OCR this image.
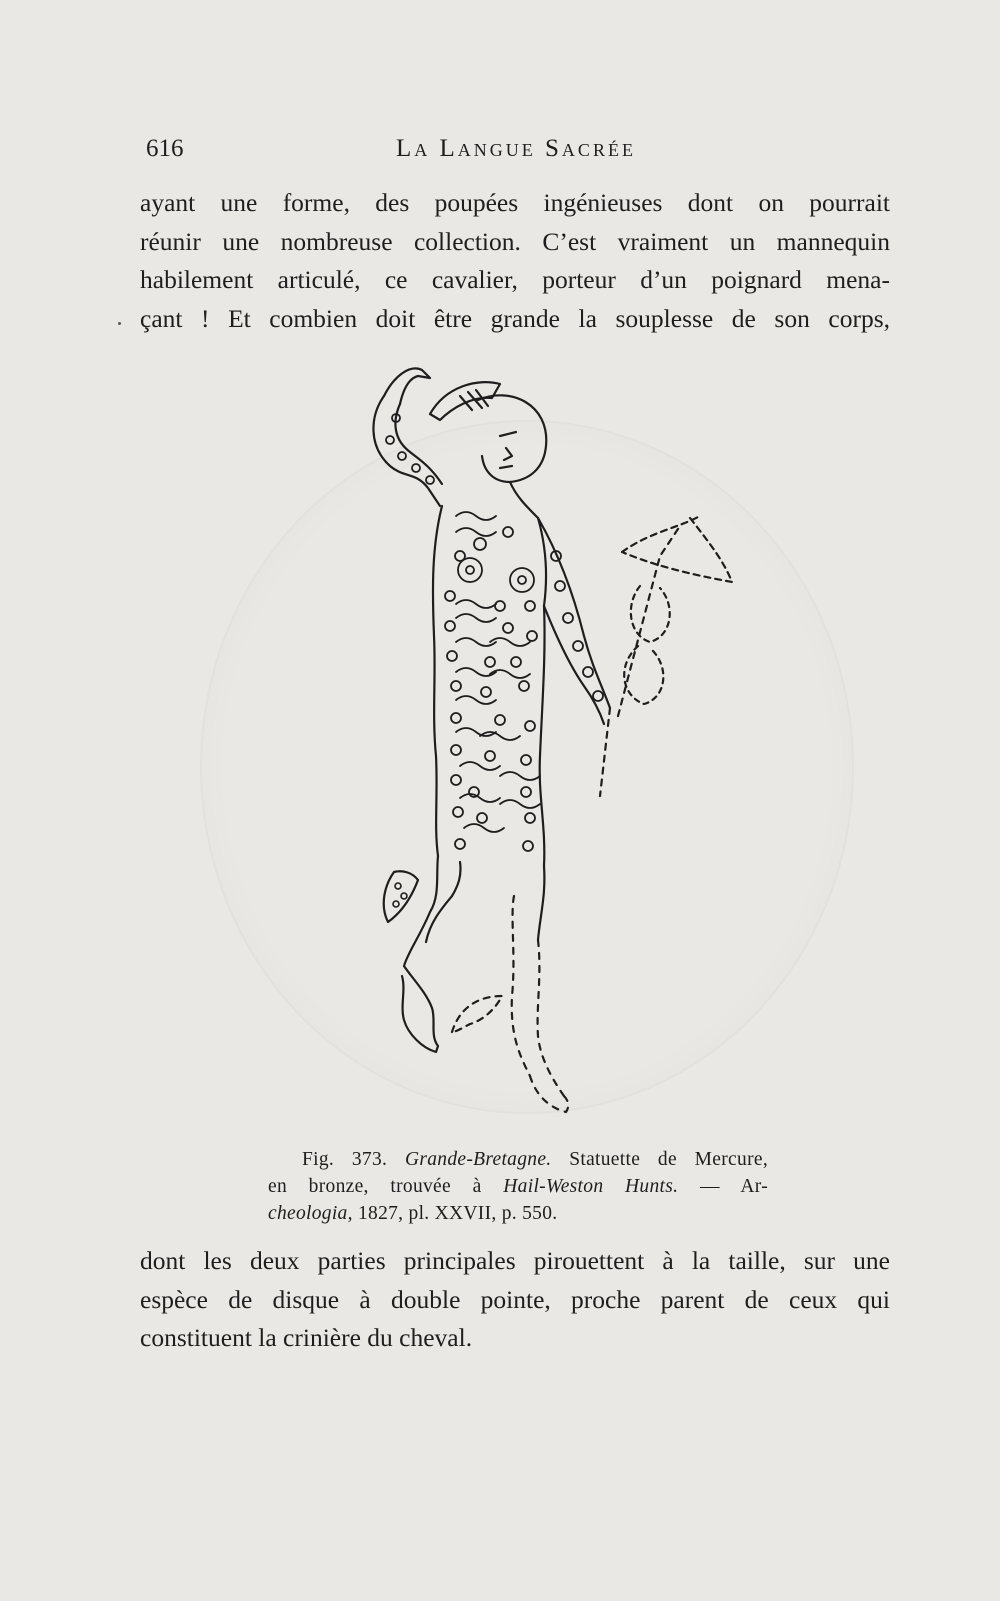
616	La Langue Sacrée
ayant une forme, des poupées ingénieuses dont on pourrait
réunir une nombreuse collection. C’est vraiment un mannequin
habilement articulé, ce cavalier, porteur d’un poignard mena-
çant ! Et combien doit être grande la souplesse de son corps,
Fig. 373. Grande-Bretagne. Statuette de Mercure,
en bronze, trouvée à Hail-Weston Hunts. — Ar-
cheologia, 1827, pl. XXVII, p. 550.
dont les deux parties principales pirouettent à la taille, sur une
espèce de disque à double pointe, proche parent de ceux qui
constituent la crinière du cheval.
